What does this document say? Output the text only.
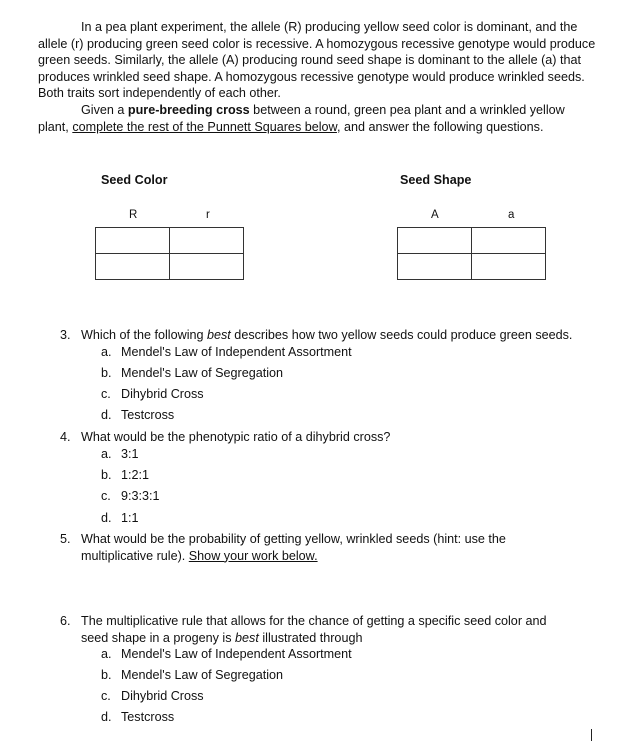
In a pea plant experiment, the allele (R) producing yellow seed color is dominant, and the allele (r) producing green seed color is recessive. A homozygous recessive genotype would produce green seeds. Similarly, the allele (A) producing round seed shape is dominant to the allele (a) that produces wrinkled seed shape. A homozygous recessive genotype would produce wrinkled seeds. Both traits sort independently of each other.

Given a pure-breeding cross between a round, green pea plant and a wrinkled yellow plant, complete the rest of the Punnett Squares below, and answer the following questions.

Seed Color
R	r

Seed Shape
A	a

3. Which of the following best describes how two yellow seeds could produce green seeds.
a. Mendel's Law of Independent Assortment
b. Mendel's Law of Segregation
c. Dihybrid Cross
d. Testcross
4. What would be the phenotypic ratio of a dihybrid cross?
a. 3:1
b. 1:2:1
c. 9:3:3:1
d. 1:1
5. What would be the probability of getting yellow, wrinkled seeds (hint: use the multiplicative rule). Show your work below.
6. The multiplicative rule that allows for the chance of getting a specific seed color and seed shape in a progeny is best illustrated through
a. Mendel's Law of Independent Assortment
b. Mendel's Law of Segregation
c. Dihybrid Cross
d. Testcross
